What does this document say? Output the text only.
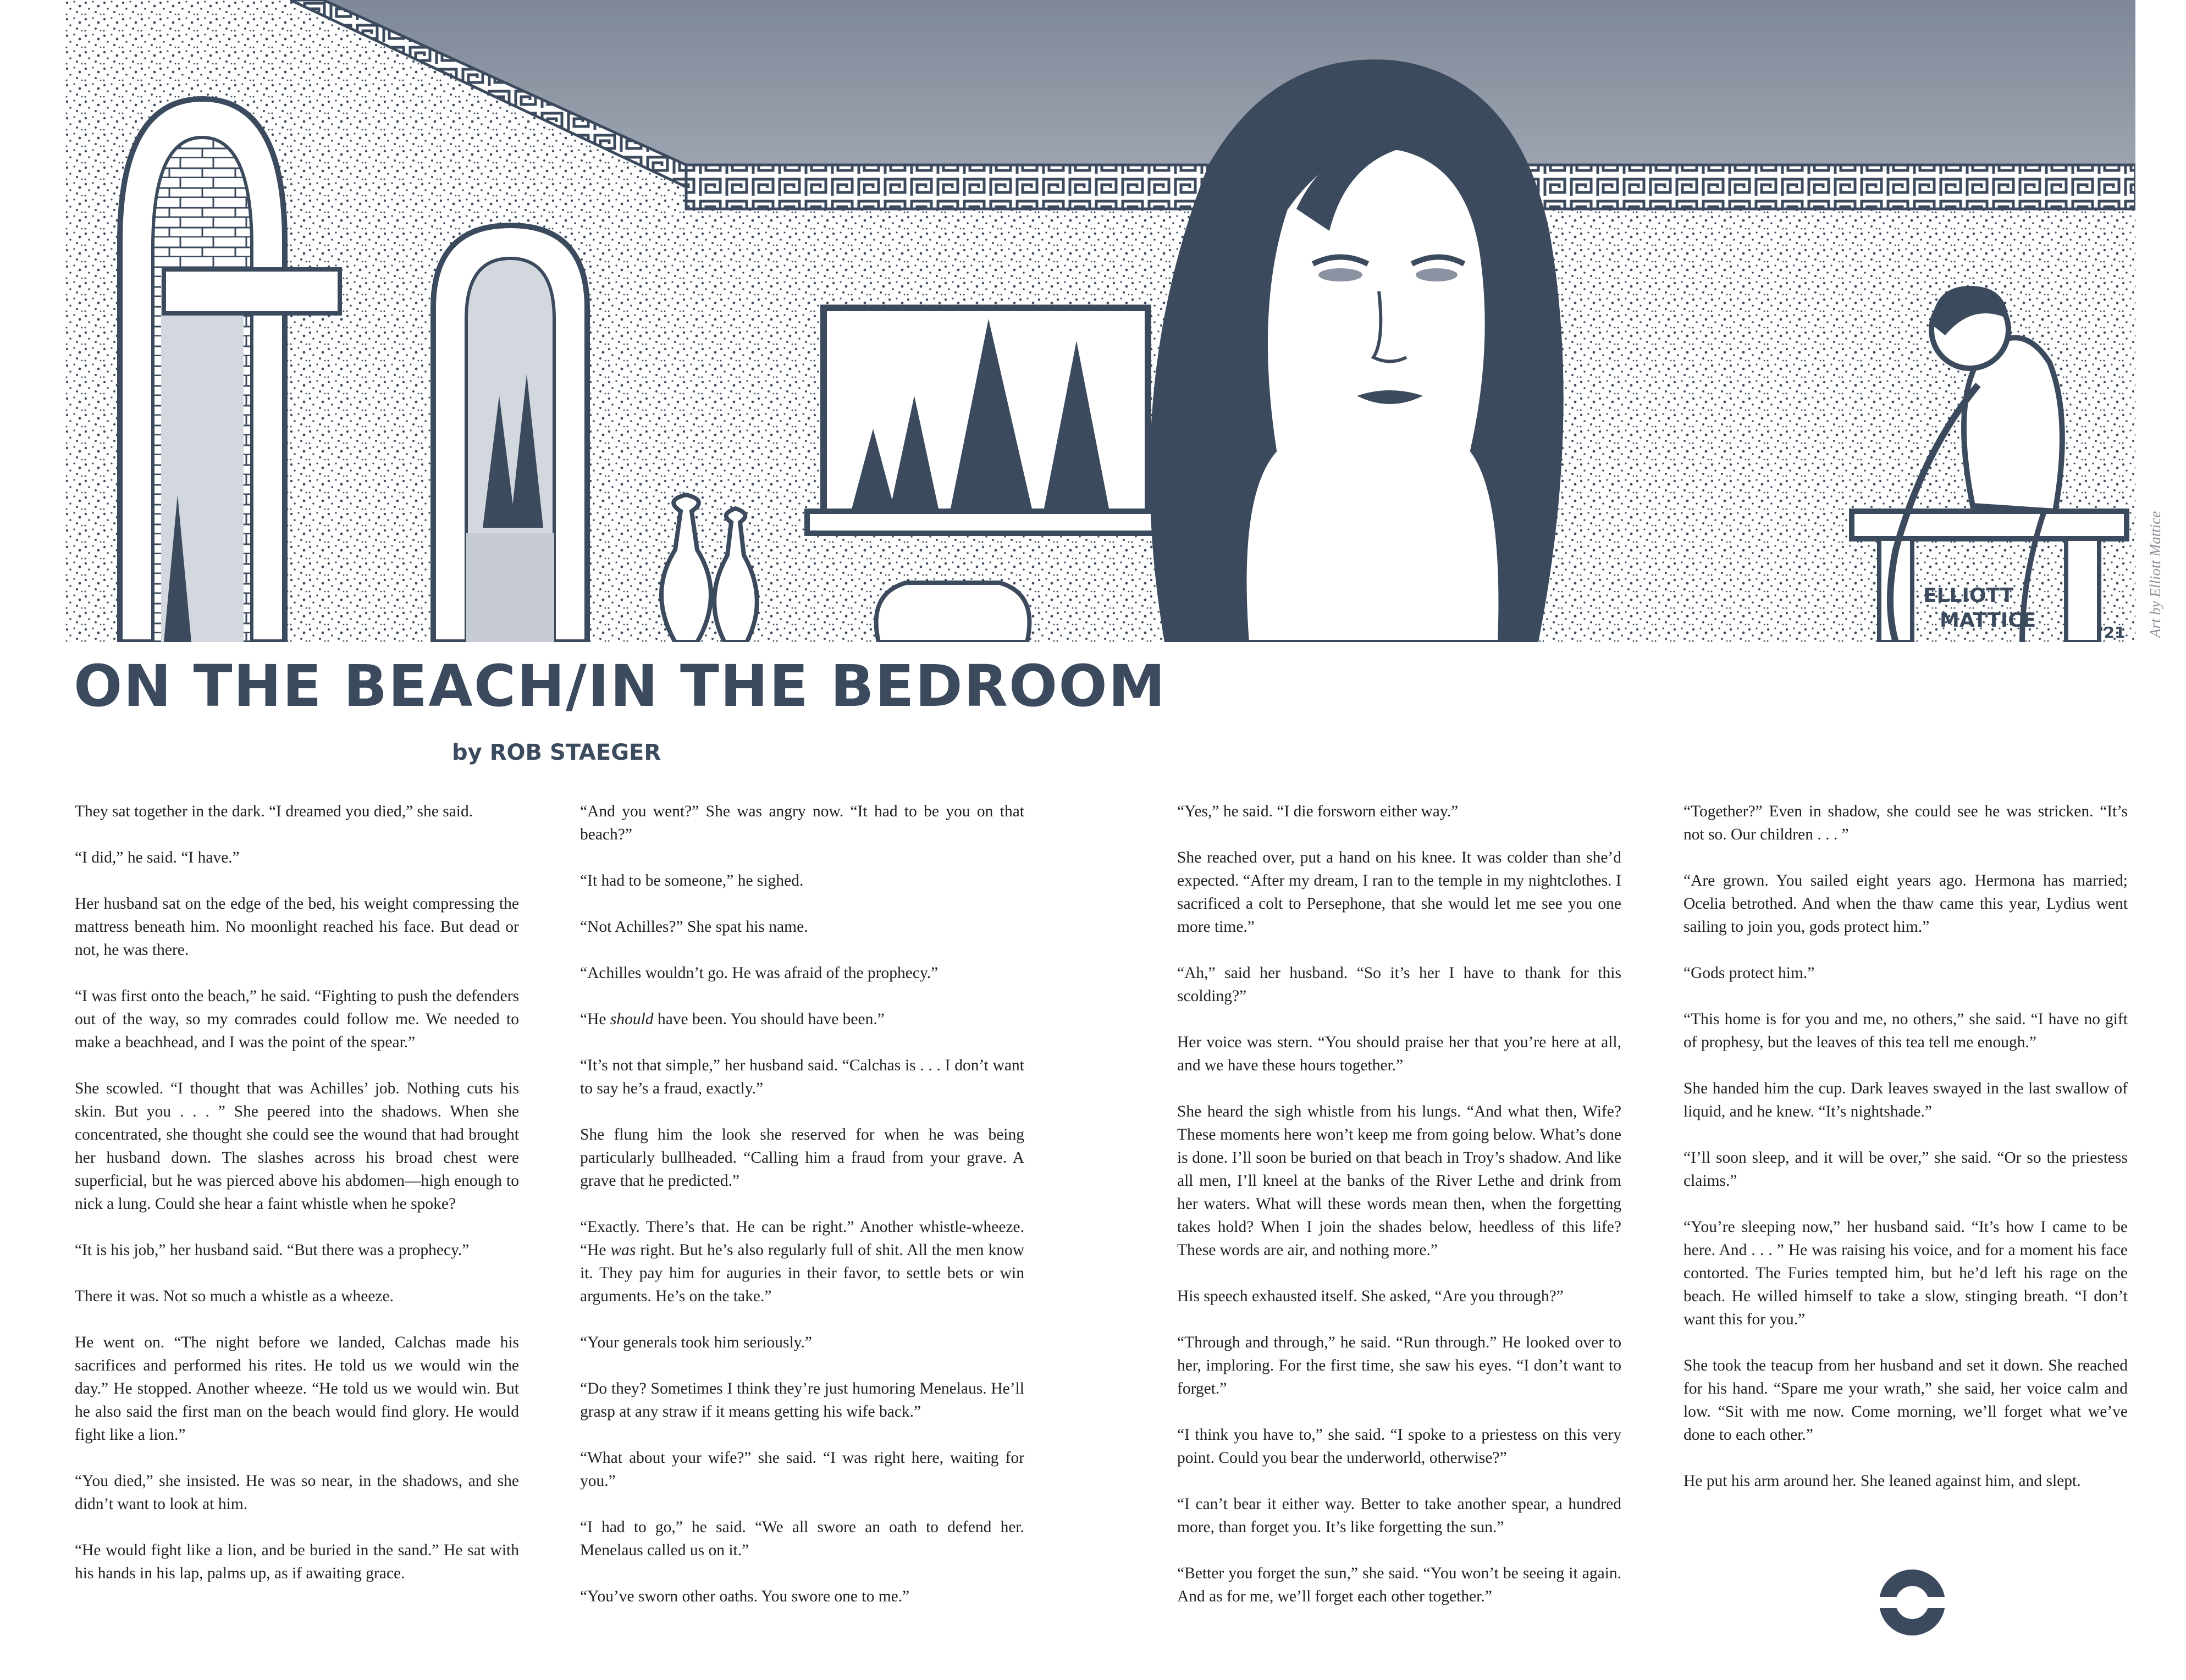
ELLIOTT
MATTICE
'21 Art by Elliott Mattice
ON THE BEACH/IN THE BEDROOM

by ROB STAEGER

They sat together in the dark. “I dreamed you died,” she said.

“I did,” he said. “I have.”

Her husband sat on the edge of the bed, his weight compressing the mattress beneath him. No moonlight reached his face. But dead or not, he was there.

“I was first onto the beach,” he said. “Fighting to push the defenders out of the way, so my comrades could follow me. We needed to make a beachhead, and I was the point of the spear.”

She scowled. “I thought that was Achilles’ job. Nothing cuts his skin. But you . . . ” She peered into the shadows. When she concentrated, she thought she could see the wound that had brought her husband down. The slashes across his broad chest were superficial, but he was pierced above his abdomen—high enough to nick a lung. Could she hear a faint whistle when he spoke?

“It is his job,” her husband said. “But there was a prophecy.”

There it was. Not so much a whistle as a wheeze.

He went on. “The night before we landed, Calchas made his sacrifices and performed his rites. He told us we would win the day.” He stopped. Another wheeze. “He told us we would win. But he also said the first man on the beach would find glory. He would fight like a lion.”

“You died,” she insisted. He was so near, in the shadows, and she didn’t want to look at him.

“He would fight like a lion, and be buried in the sand.” He sat with his hands in his lap, palms up, as if awaiting grace.

“And you went?” She was angry now. “It had to be you on that beach?”

“It had to be someone,” he sighed.

“Not Achilles?” She spat his name.

“Achilles wouldn’t go. He was afraid of the prophecy.”

“He should have been. You should have been.”

“It’s not that simple,” her husband said. “Calchas is . . . I don’t want to say he’s a fraud, exactly.”

She flung him the look she reserved for when he was being particularly bullheaded. “Calling him a fraud from your grave. A grave that he predicted.”

“Exactly. There’s that. He can be right.” Another whistle-wheeze. “He was right. But he’s also regularly full of shit. All the men know it. They pay him for auguries in their favor, to settle bets or win arguments. He’s on the take.”

“Your generals took him seriously.”

“Do they? Sometimes I think they’re just humoring Menelaus. He’ll grasp at any straw if it means getting his wife back.”

“What about your wife?” she said. “I was right here, waiting for you.”

“I had to go,” he said. “We all swore an oath to defend her. Menelaus called us on it.”

“You’ve sworn other oaths. You swore one to me.”

“Yes,” he said. “I die forsworn either way.”

She reached over, put a hand on his knee. It was colder than she’d expected. “After my dream, I ran to the temple in my nightclothes. I sacrificed a colt to Persephone, that she would let me see you one more time.”

“Ah,” said her husband. “So it’s her I have to thank for this scolding?”

Her voice was stern. “You should praise her that you’re here at all, and we have these hours together.”

She heard the sigh whistle from his lungs. “And what then, Wife? These moments here won’t keep me from going below. What’s done is done. I’ll soon be buried on that beach in Troy’s shadow. And like all men, I’ll kneel at the banks of the River Lethe and drink from her waters. What will these words mean then, when the forgetting takes hold? When I join the shades below, heedless of this life? These words are air, and nothing more.”

His speech exhausted itself. She asked, “Are you through?”

“Through and through,” he said. “Run through.” He looked over to her, imploring. For the first time, she saw his eyes. “I don’t want to forget.”

“I think you have to,” she said. “I spoke to a priestess on this very point. Could you bear the underworld, otherwise?”

“I can’t bear it either way. Better to take another spear, a hundred more, than forget you. It’s like forgetting the sun.”

“Better you forget the sun,” she said. “You won’t be seeing it again. And as for me, we’ll forget each other together.”

“Together?” Even in shadow, she could see he was stricken. “It’s not so. Our children . . . ”

“Are grown. You sailed eight years ago. Hermona has married; Ocelia betrothed. And when the thaw came this year, Lydius went sailing to join you, gods protect him.”

“Gods protect him.”

“This home is for you and me, no others,” she said. “I have no gift of prophesy, but the leaves of this tea tell me enough.”

She handed him the cup. Dark leaves swayed in the last swallow of liquid, and he knew. “It’s nightshade.”

“I’ll soon sleep, and it will be over,” she said. “Or so the priestess claims.”

“You’re sleeping now,” her husband said. “It’s how I came to be here. And . . . ” He was raising his voice, and for a moment his face contorted. The Furies tempted him, but he’d left his rage on the beach. He willed himself to take a slow, stinging breath. “I don’t want this for you.”

She took the teacup from her husband and set it down. She reached for his hand. “Spare me your wrath,” she said, her voice calm and low. “Sit with me now. Come morning, we’ll forget what we’ve done to each other.”

He put his arm around her. She leaned against him, and slept.
